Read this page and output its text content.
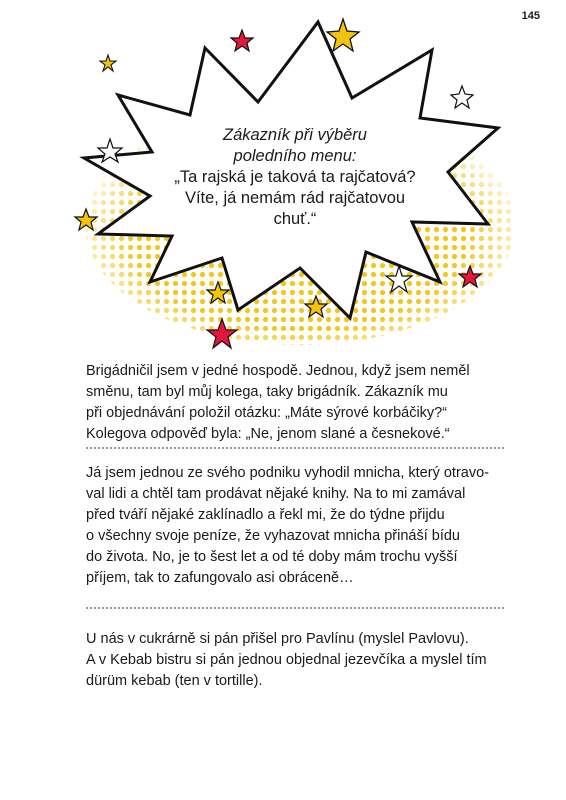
145
Zákazník při výběru
poledního menu:
„Ta rajská je taková ta rajčatová?
Víte, já nemám rád rajčatovou
chuť.“

Brigádničil jsem v jedné hospodě. Jednou, když jsem neměl
směnu, tam byl můj kolega, taky brigádník. Zákazník mu
při objednávání položil otázku: „Máte sýrové korbáčiky?“
Kolegova odpověď byla: „Ne, jenom slané a česnekové.“

Já jsem jednou ze svého podniku vyhodil mnicha, který otravo-
val lidi a chtěl tam prodávat nějaké knihy. Na to mi zamával
před tváří nějaké zaklínadlo a řekl mi, že do týdne přijdu
o všechny svoje peníze, že vyhazovat mnicha přináší bídu
do života. No, je to šest let a od té doby mám trochu vyšší
příjem, tak to zafungovalo asi obráceně…

U nás v cukrárně si pán přišel pro Pavlínu (myslel Pavlovu).
A v Kebab bistru si pán jednou objednal jezevčíka a myslel tím
dürüm kebab (ten v tortille).
